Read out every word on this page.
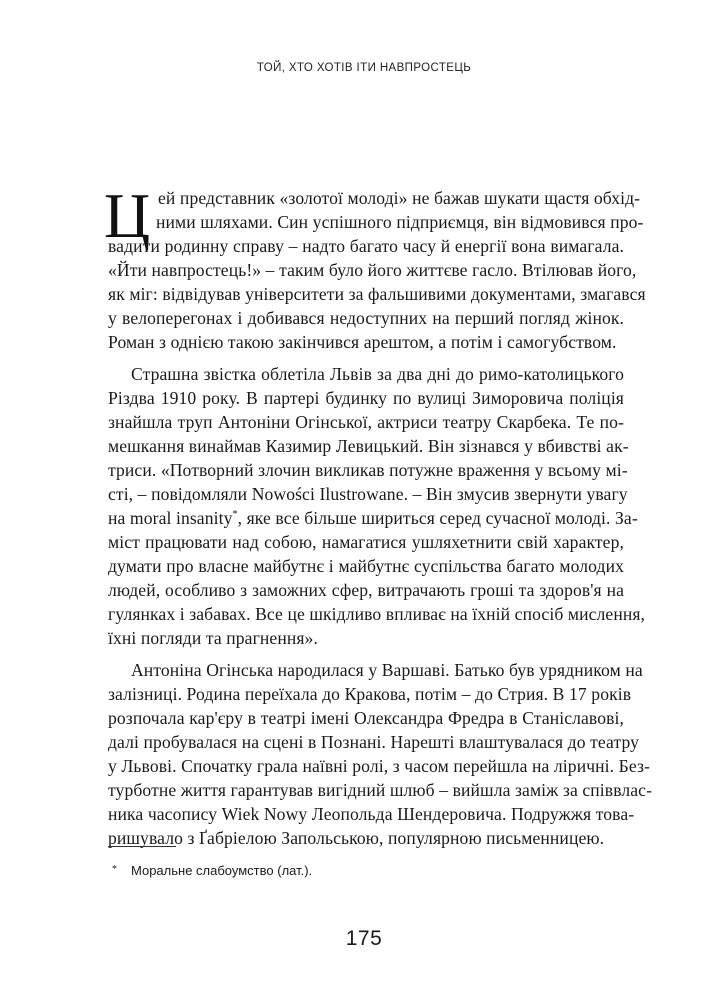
ТОЙ, ХТО ХОТІВ ІТИ НАВПРОСТЕЦЬ
Ц ей представник «золотої молоді» не бажав шукати щастя обхід-
ними шляхами. Син успішного підприємця, він відмовився про-
вадити родинну справу – надто багато часу й енергії вона вимагала.
«Йти навпростець!» – таким було його життєве гасло. Втілював його,
як міг: відвідував університети за фальшивими документами, змагався
у велоперегонах і добивався недоступних на перший погляд жінок.
Роман з однією такою закінчився арештом, а потім і самогубством.
Страшна звістка облетіла Львів за два дні до римо-католицького
Різдва 1910 року. В партері будинку по вулиці Зиморовича поліція
знайшла труп Антоніни Огінської, актриси театру Скарбека. Те по-
мешкання винаймав Казимир Левицький. Він зізнався у вбивстві ак-
триси. «Потворний злочин викликав потужне враження у всьому мі-
сті, – повідомляли Nowości Ilustrowane. – Він змусив звернути увагу
на moral insanity*, яке все більше шириться серед сучасної молоді. За-
міст працювати над собою, намагатися ушляхетнити свій характер,
думати про власне майбутнє і майбутнє суспільства багато молодих
людей, особливо з заможних сфер, витрачають гроші та здоров'я на
гулянках і забавах. Все це шкідливо впливає на їхній спосіб мислення,
їхні погляди та прагнення».
Антоніна Огінська народилася у Варшаві. Батько був урядником на
залізниці. Родина переїхала до Кракова, потім – до Стрия. В 17 років
розпочала кар'єру в театрі імені Олександра Фредра в Станіславові,
далі пробувалася на сцені в Познані. Нарешті влаштувалася до театру
у Львові. Спочатку грала наївні ролі, з часом перейшла на ліричні. Без-
турботне життя гарантував вигідний шлюб – вийшла заміж за співвлас-
ника часопису Wiek Nowy Леопольда Шендеровича. Подружжя това-
ришувало з Ґабріелою Запольською, популярною письменницею.
* Моральне слабоумство (лат.).
175
